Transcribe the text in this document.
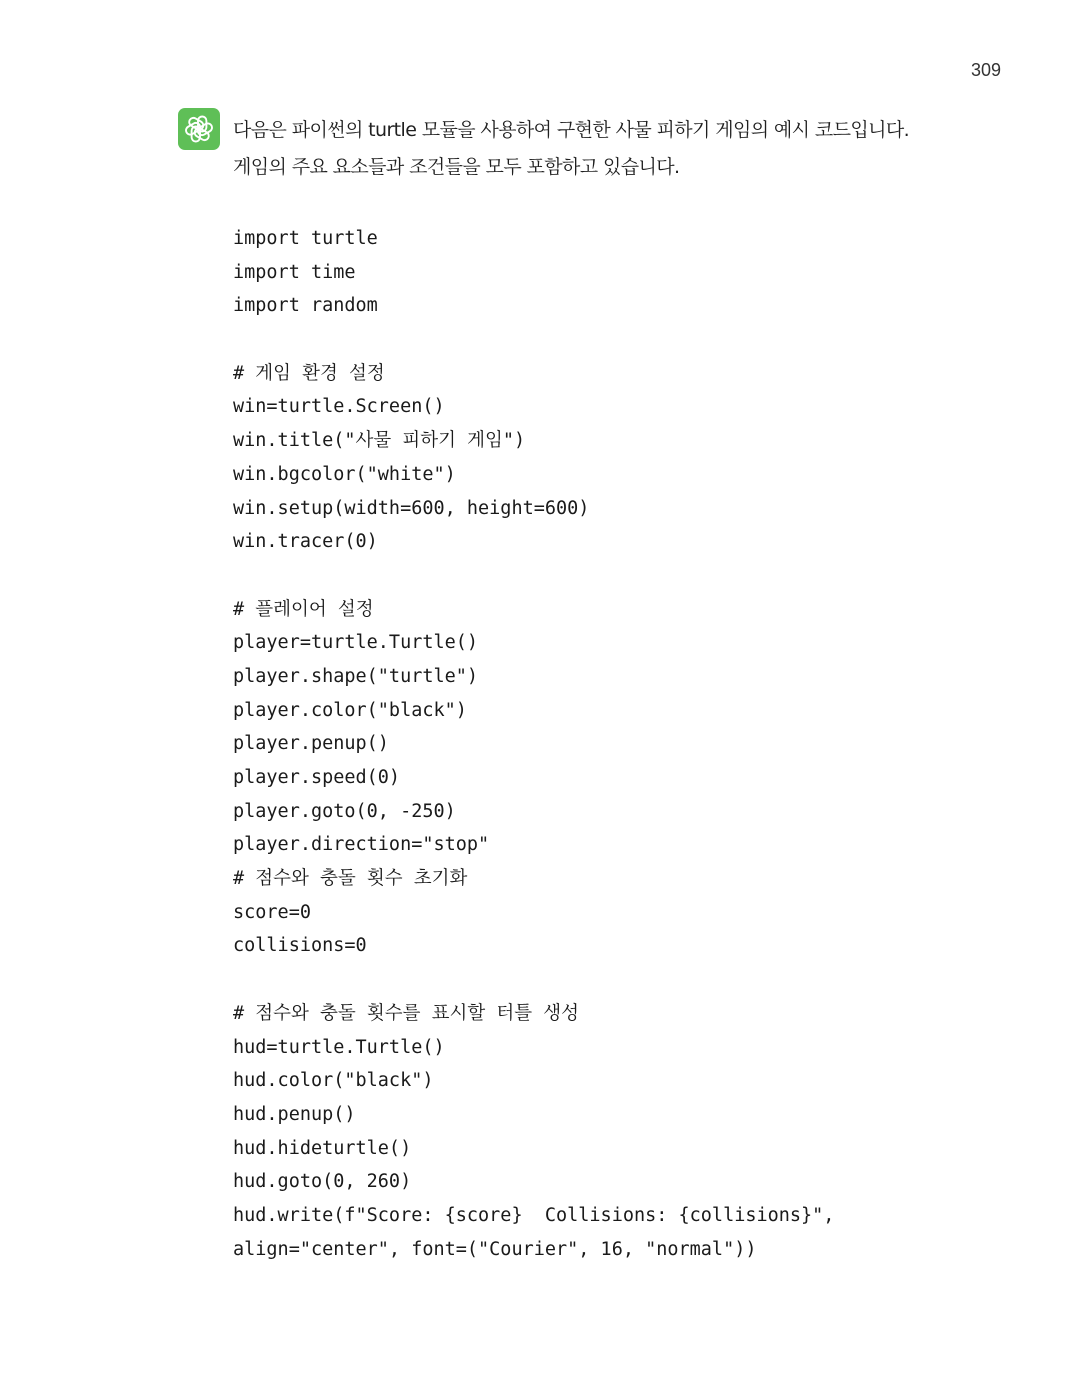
309
다음은 파이썬의 turtle 모듈을 사용하여 구현한 사물 피하기 게임의 예시 코드입니다.
게임의 주요 요소들과 조건들을 모두 포함하고 있습니다.
import turtle
import time
import random
# 게임 환경 설정
win=turtle.Screen()
win.title("사물 피하기 게임")
win.bgcolor("white")
win.setup(width=600, height=600)
win.tracer(0)
# 플레이어 설정
player=turtle.Turtle()
player.shape("turtle")
player.color("black")
player.penup()
player.speed(0)
player.goto(0, -250)
player.direction="stop"
# 점수와 충돌 횟수 초기화
score=0
collisions=0
# 점수와 충돌 횟수를 표시할 터틀 생성
hud=turtle.Turtle()
hud.color("black")
hud.penup()
hud.hideturtle()
hud.goto(0, 260)
hud.write(f"Score: {score}  Collisions: {collisions}",
align="center", font=("Courier", 16, "normal"))
